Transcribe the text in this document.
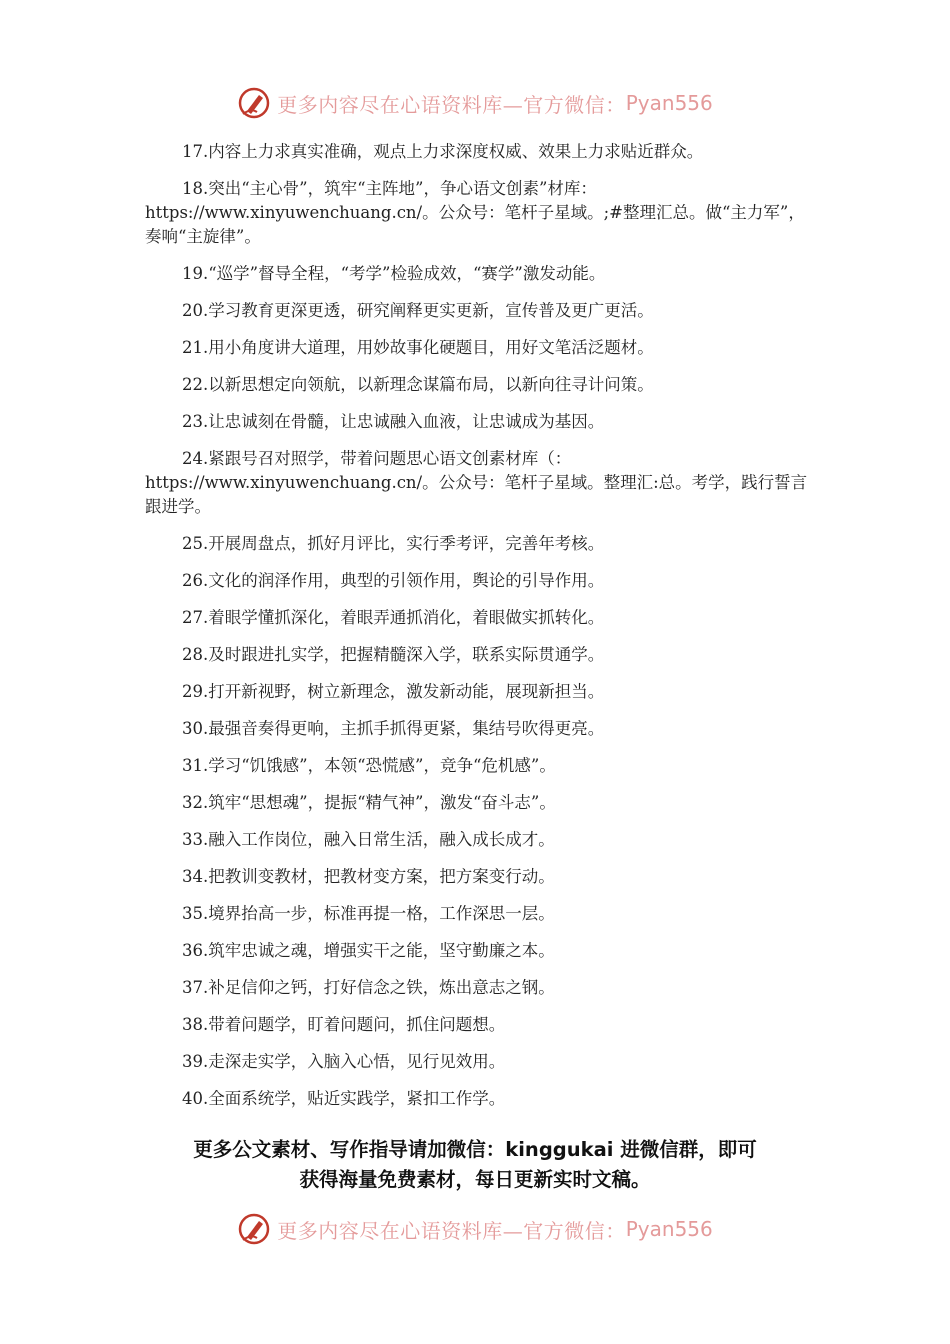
更多内容尽在心语资料库—官方微信： Pyan556

17.内容上力求真实准确，观点上力求深度权威、效果上力求贴近群众。

18.突出“主心骨”，筑牢“主阵地”，争心语文创素”材库：https://www.xinyuwenchuang.cn/。公众号：笔杆子星域。;#整理汇总。做“主力军”，奏响“主旋律”。

19.“巡学”督导全程，“考学”检验成效，“赛学”激发动能。

20.学习教育更深更透，研究阐释更实更新，宣传普及更广更活。

21.用小角度讲大道理，用妙故事化硬题目，用好文笔活泛题材。

22.以新思想定向领航，以新理念谋篇布局，以新向往寻计问策。

23.让忠诚刻在骨髓，让忠诚融入血液，让忠诚成为基因。

24.紧跟号召对照学，带着问题思心语文创素材库（：https://www.xinyuwenchuang.cn/。公众号：笔杆子星域。整理汇:总。考学，践行誓言跟进学。

25.开展周盘点，抓好月评比，实行季考评，完善年考核。

26.文化的润泽作用，典型的引领作用，舆论的引导作用。

27.着眼学懂抓深化，着眼弄通抓消化，着眼做实抓转化。

28.及时跟进扎实学，把握精髓深入学，联系实际贯通学。

29.打开新视野，树立新理念，激发新动能，展现新担当。

30.最强音奏得更响，主抓手抓得更紧，集结号吹得更亮。

31.学习“饥饿感”，本领“恐慌感”，竞争“危机感”。

32.筑牢“思想魂”，提振“精气神”，激发“奋斗志”。

33.融入工作岗位，融入日常生活，融入成长成才。

34.把教训变教材，把教材变方案，把方案变行动。

35.境界抬高一步，标准再提一格，工作深思一层。

36.筑牢忠诚之魂，增强实干之能，坚守勤廉之本。

37.补足信仰之钙，打好信念之铁，炼出意志之钢。

38.带着问题学，盯着问题问，抓住问题想。

39.走深走实学，入脑入心悟，见行见效用。

40.全面系统学，贴近实践学，紧扣工作学。

更多公文素材、写作指导请加微信：kinggukai 进微信群，即可
获得海量免费素材，每日更新实时文稿。
更多内容尽在心语资料库—官方微信： Pyan556
